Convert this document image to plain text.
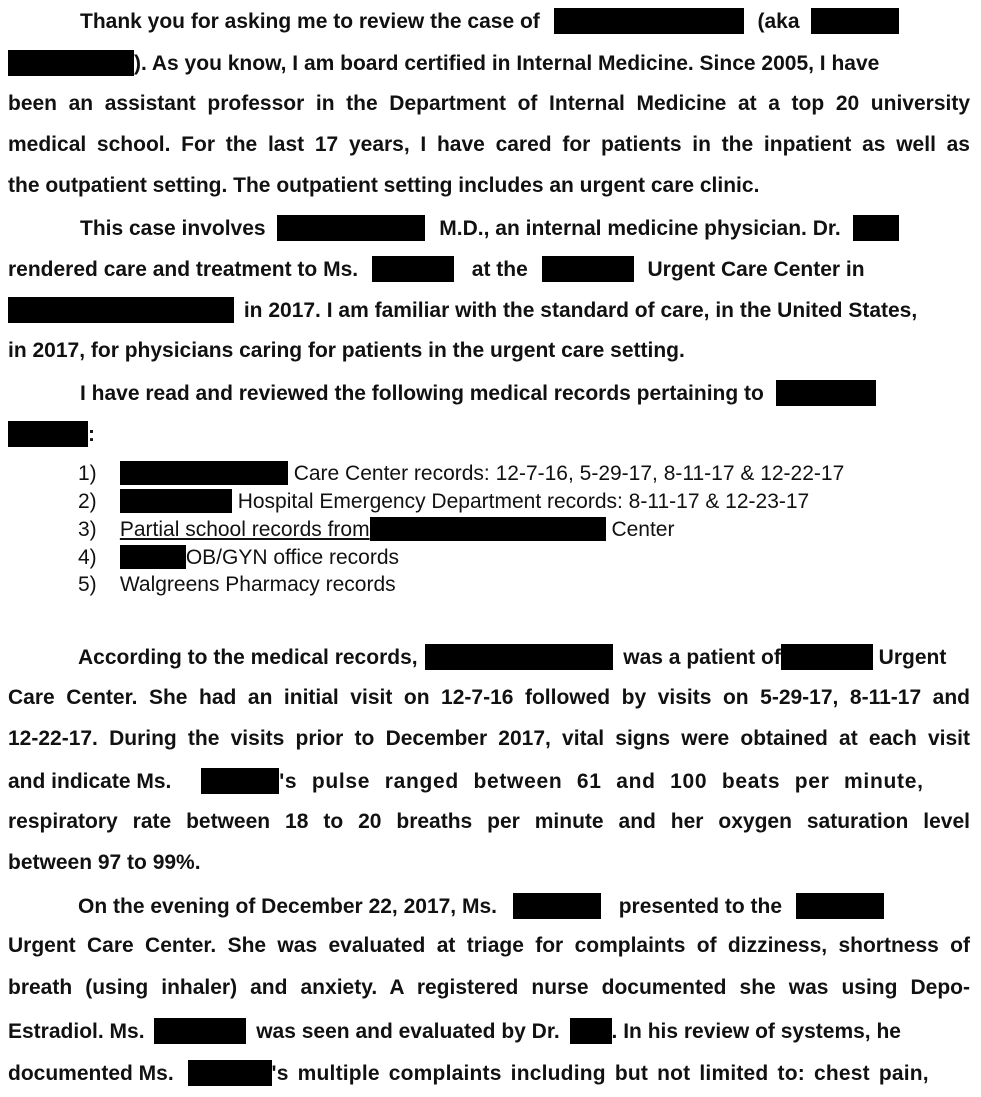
Thank you for asking me to review the case of	(aka
). As you know, I am board certified in Internal Medicine. Since 2005, I have
been an assistant professor in the Department of Internal Medicine at a top 20 university
medical school. For the last 17 years, I have cared for patients in the inpatient as well as
the outpatient setting. The outpatient setting includes an urgent care clinic.
This case involves	M.D., an internal medicine physician. Dr.
rendered care and treatment to Ms.	at the	Urgent Care Center in
in 2017. I am familiar with the standard of care, in the United States,
in 2017, for physicians caring for patients in the urgent care setting.
I have read and reviewed the following medical records pertaining to
:
1)	Care Center records: 12-7-16, 5-29-17, 8-11-17 & 12-22-17
2)	Hospital Emergency Department records: 8-11-17 & 12-23-17
3) Partial school records from	Center
4)	OB/GYN office records
5) Walgreens Pharmacy records
According to the medical records,	was a patient of	Urgent
Care Center. She had an initial visit on 12-7-16 followed by visits on 5-29-17, 8-11-17 and
12-22-17. During the visits prior to December 2017, vital signs were obtained at each visit
and indicate Ms.	's pulse ranged between 61 and 100 beats per minute,
respiratory rate between 18 to 20 breaths per minute and her oxygen saturation level
between 97 to 99%.
On the evening of December 22, 2017, Ms.	presented to the
Urgent Care Center. She was evaluated at triage for complaints of dizziness, shortness of
breath (using inhaler) and anxiety. A registered nurse documented she was using Depo-
Estradiol. Ms.	was seen and evaluated by Dr. . In his review of systems, he
documented Ms.	's multiple complaints including but not limited to: chest pain,
